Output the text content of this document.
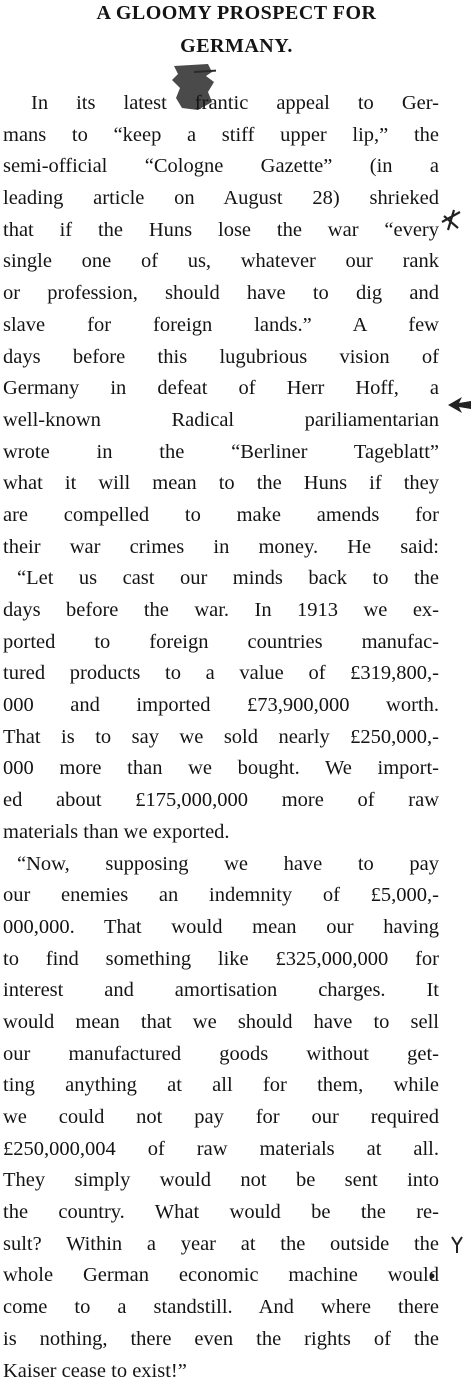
A GLOOMY PROSPECT FOR
GERMANY.
In its latest frantic appeal to Ger-
mans to “keep a stiff upper lip,” the
semi-official “Cologne Gazette” (in a
leading article on August 28) shrieked
that if the Huns lose the war “every
single one of us, whatever our rank
or profession, should have to dig and
slave for foreign lands.” A few
days before this lugubrious vision of
Germany in defeat of Herr Hoff, a
well-known Radical pariliamentarian
wrote in the “Berliner Tageblatt”
what it will mean to the Huns if they
are compelled to make amends for
their war crimes in money. He said:
“Let us cast our minds back to the
days before the war. In 1913 we ex-
ported to foreign countries manufac-
tured products to a value of £319,800,-
000 and imported £73,900,000 worth.
That is to say we sold nearly £250,000,-
000 more than we bought. We import-
ed about £175,000,000 more of raw
materials than we exported.
“Now, supposing we have to pay
our enemies an indemnity of £5,000,-
000,000. That would mean our having
to find something like £325,000,000 for
interest and amortisation charges. It
would mean that we should have to sell
our manufactured goods without get-
ting anything at all for them, while
we could not pay for our required
£250,000,004 of raw materials at all.
They simply would not be sent into
the country. What would be the re-
sult? Within a year at the outside the
whole German economic machine would
come to a standstill. And where there
is nothing, there even the rights of the
Kaiser cease to exist!”
